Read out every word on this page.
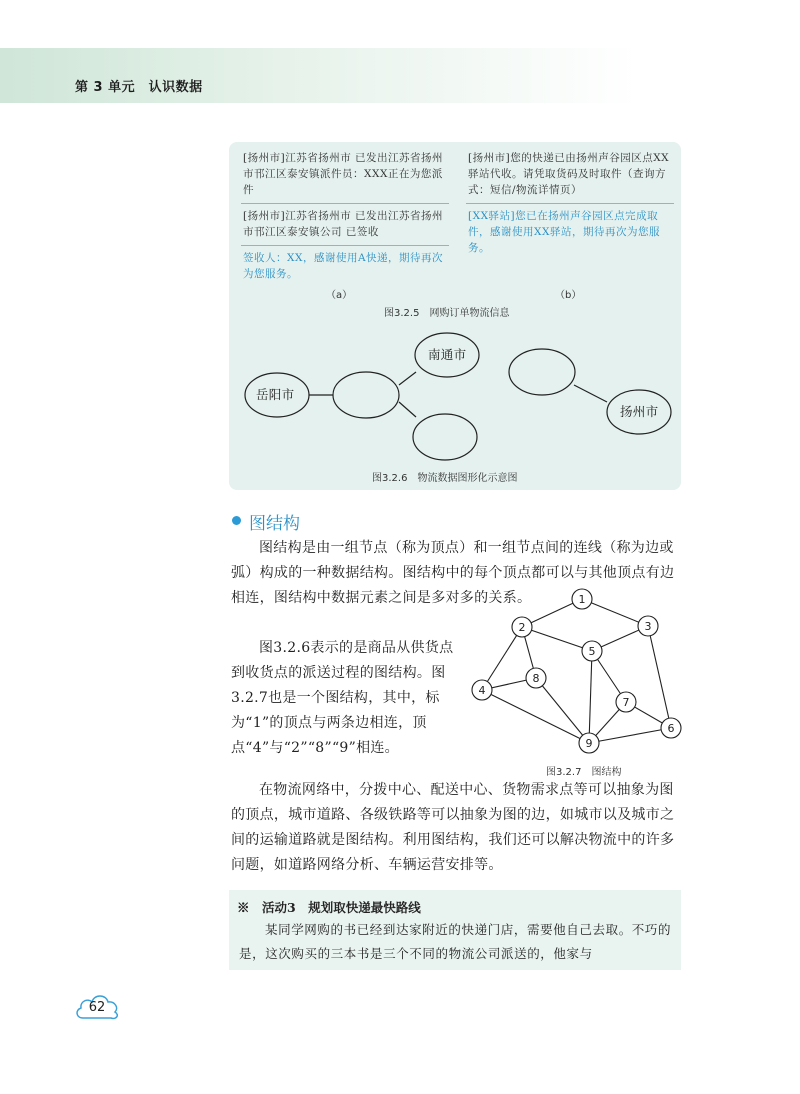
第 3 单元　认识数据
[扬州市]江苏省扬州市 已发出江苏省扬州市邗江区泰安镇派件员：XXX正在为您派件
[扬州市]江苏省扬州市 已发出江苏省扬州市邗江区泰安镇公司 已签收
签收人：XX，感谢使用A快递，期待再次为您服务。
[扬州市]您的快递已由扬州声谷园区点XX驿站代收。请凭取货码及时取件（查询方式：短信/物流详情页）
[XX驿站]您已在扬州声谷园区点完成取件，感谢使用XX驿站，期待再次为您服务。
（a）	（b）
图3.2.5　网购订单物流信息
岳阳市
南通市
扬州市
图3.2.6　物流数据图形化示意图
图结构

图结构是由一组节点（称为顶点）和一组节点间的连线（称为边或弧）构成的一种数据结构。图结构中的每个顶点都可以与其他顶点有边相连，图结构中数据元素之间是多对多的关系。

图3.2.6表示的是商品从供货点到收货点的派送过程的图结构。图3.2.7也是一个图结构，其中，标为“1”的顶点与两条边相连，顶点“4”与“2”“8”“9”相连。

1
2	3
4
5
6
7
8
9
图3.2.7　图结构

在物流网络中，分拨中心、配送中心、货物需求点等可以抽象为图的顶点，城市道路、各级铁路等可以抽象为图的边，如城市以及城市之间的运输道路就是图结构。利用图结构，我们还可以解决物流中的许多问题，如道路网络分析、车辆运营安排等。

※　活动3　规划取快递最快路线

某同学网购的书已经到达家附近的快递门店，需要他自己去取。不巧的是，这次购买的三本书是三个不同的物流公司派送的，他家与

62
